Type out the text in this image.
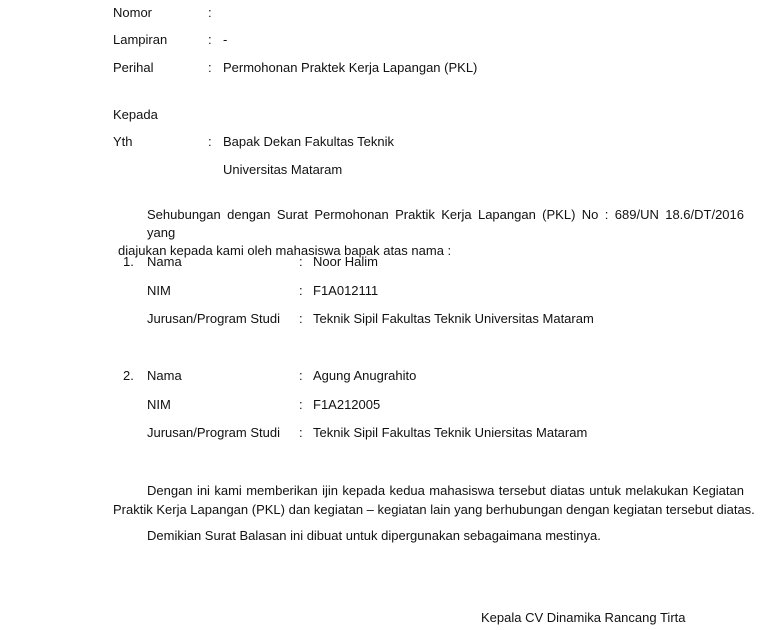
Nomor	:
Lampiran	: -
Perihal	: Permohonan Praktek Kerja Lapangan (PKL)
Kepada
Yth	: Bapak Dekan Fakultas Teknik
Universitas Mataram
Sehubungan dengan Surat Permohonan Praktik Kerja Lapangan (PKL) No : 689/UN 18.6/DT/2016 yang
diajukan kepada kami oleh mahasiswa bapak atas nama :
1. Nama	: Noor Halim
NIM	: F1A012111
Jurusan/Program Studi : Teknik Sipil Fakultas Teknik Universitas Mataram
2. Nama	: Agung Anugrahito
NIM	: F1A212005
Jurusan/Program Studi : Teknik Sipil Fakultas Teknik Uniersitas Mataram
Dengan ini kami memberikan ijin kepada kedua mahasiswa tersebut diatas untuk melakukan Kegiatan
Praktik Kerja Lapangan (PKL) dan kegiatan – kegiatan lain yang berhubungan dengan kegiatan tersebut diatas.
Demikian Surat Balasan ini dibuat untuk dipergunakan sebagaimana mestinya.
Kepala CV Dinamika Rancang Tirta
